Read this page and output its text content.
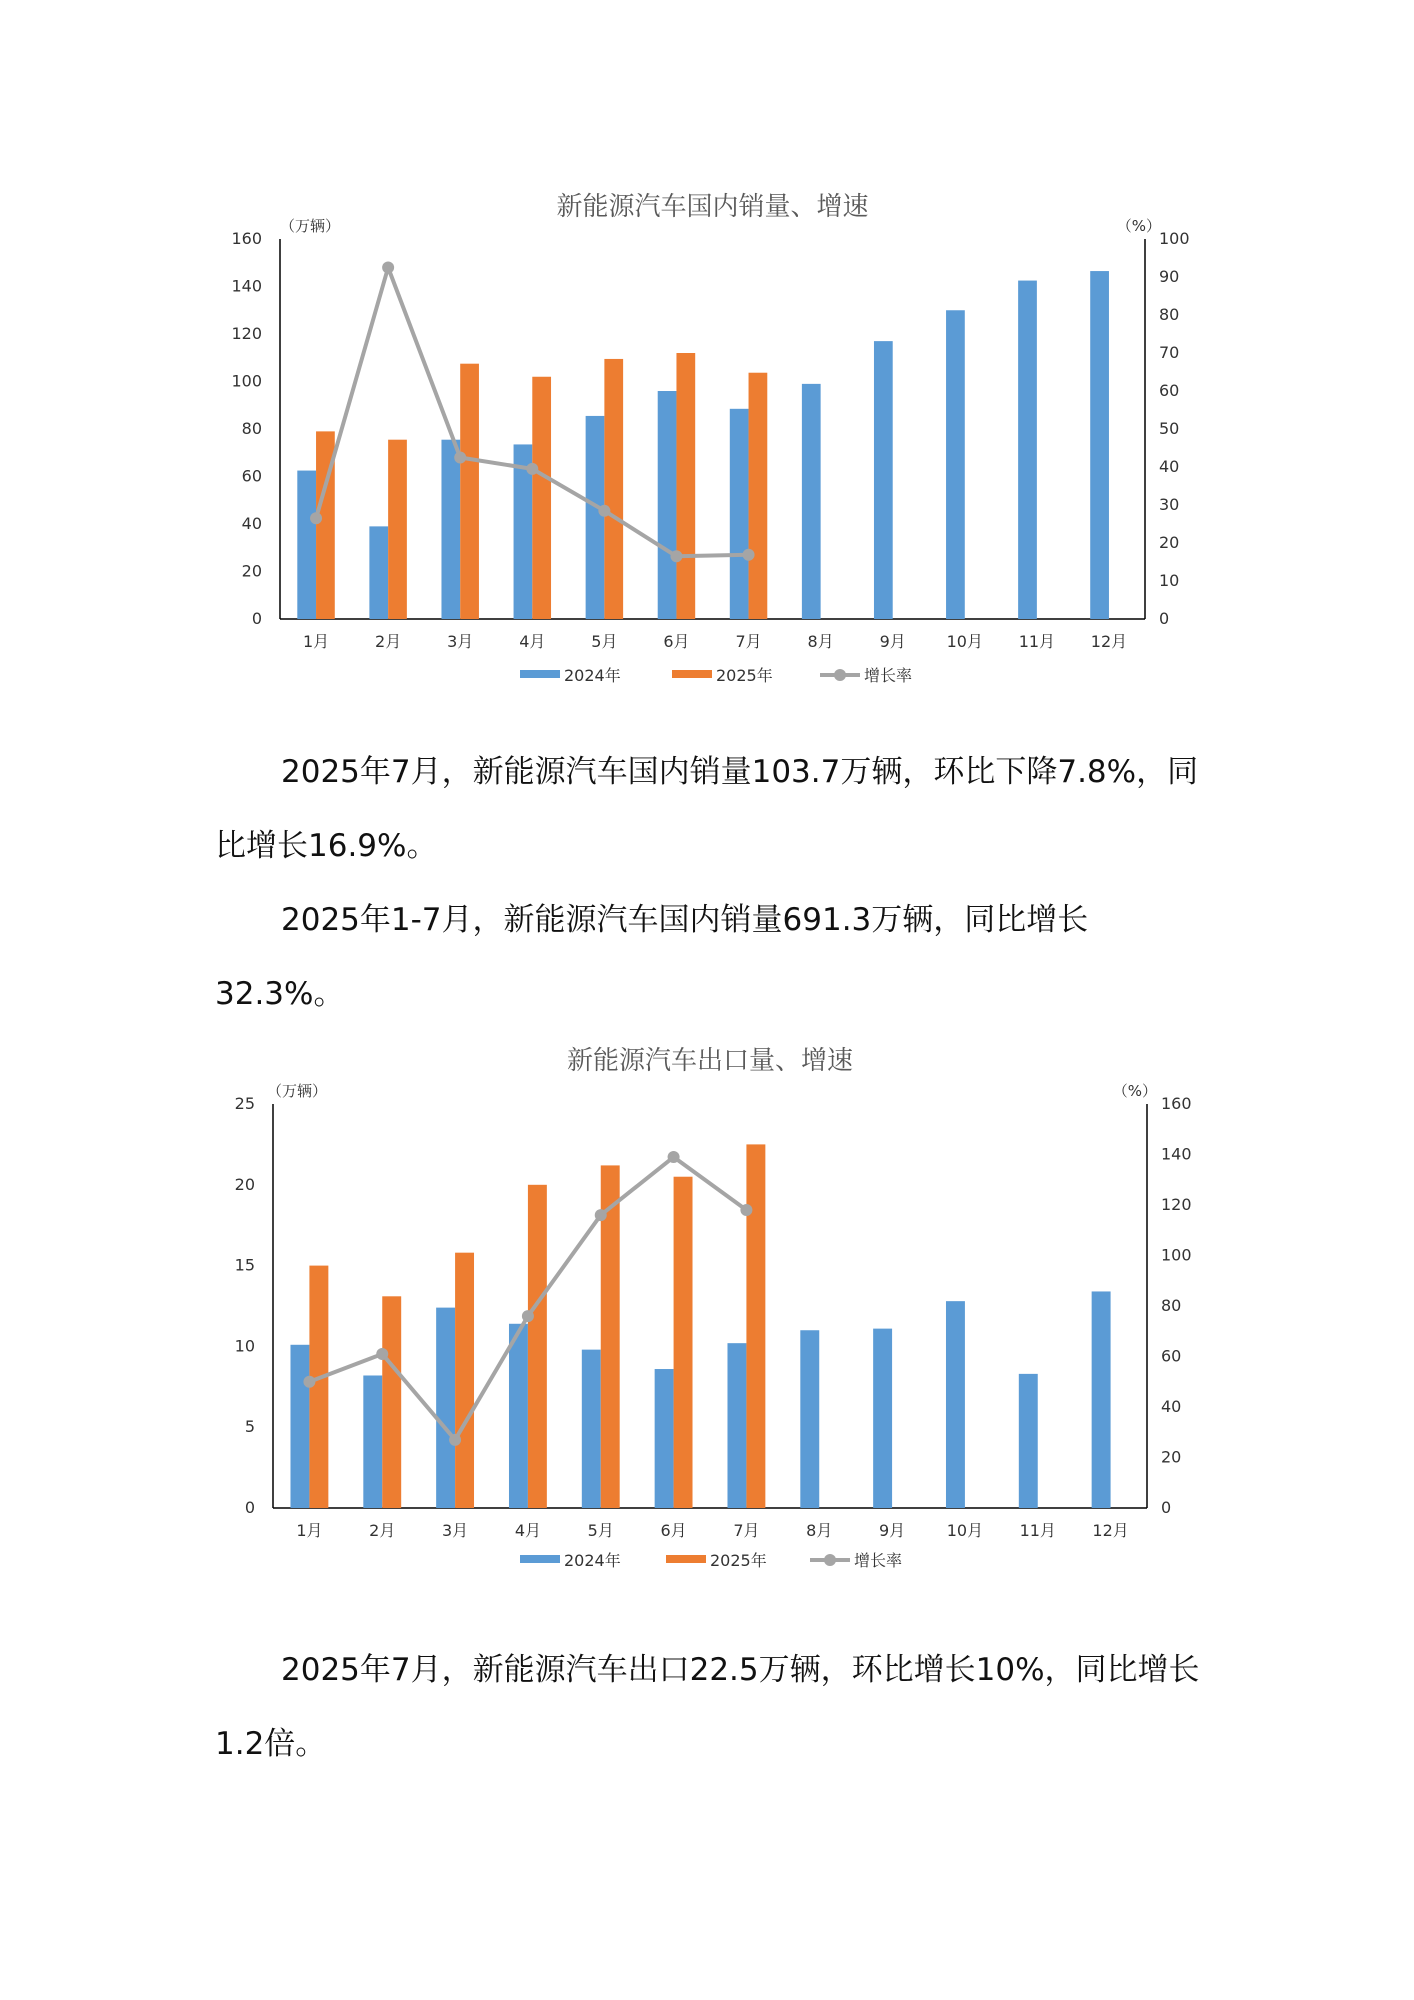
新能源汽车国内销量、增速
（万辆）	（%）
0
20
40
60
80
100
120
140
160
0
10
20
30
40
50
60
70
80
90
100
1月	2月	3月	4月	5月	6月	7月	8月	9月	10月 11月 12月
2024年	2025年	增长率

2025年7月，新能源汽车国内销量103.7万辆，环比下降7.8%，同比增长16.9%。

2025年1-7月，新能源汽车国内销量691.3万辆，同比增长32.3%。

新能源汽车出口量、增速
（万辆）	（%）
0
5
10
15
20
25
0
20
40
60
80
100
120
140
160
1月	2月	3月	4月	5月	6月	7月	8月	9月	10月 11月 12月
2024年	2025年	增长率

2025年7月，新能源汽车出口22.5万辆，环比增长10%，同比增长1.2倍。
